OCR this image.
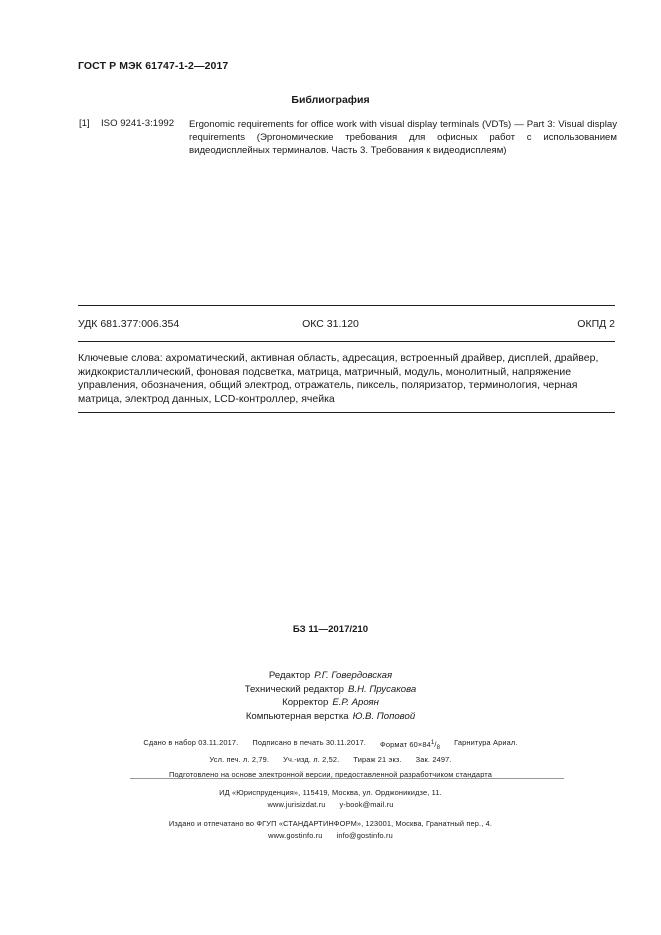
ГОСТ Р МЭК 61747-1-2—2017
Библиография
[1] ISO 9241-3:1992 Ergonomic requirements for office work with visual display terminals (VDTs) — Part 3: Visual display requirements (Эргономические требования для офисных работ с использованием видеодисплейных терминалов. Часть 3. Требования к видеодисплеям)
УДК 681.377:006.354	ОКС 31.120	ОКПД 2
Ключевые слова: ахроматический, активная область, адресация, встроенный драйвер, дисплей, драйвер, жидкокристаллический, фоновая подсветка, матрица, матричный, модуль, монолитный, напряжение управления, обозначения, общий электрод, отражатель, пиксель, поляризатор, терминология, черная матрица, электрод данных, LCD-контроллер, ячейка
БЗ 11—2017/210
Редактор Р.Г. Говердовская
Технический редактор В.Н. Прусакова
Корректор Е.Р. Ароян
Компьютерная верстка Ю.В. Поповой
Сдано в набор 03.11.2017. Подписано в печать 30.11.2017. Формат $60\times 84^1/_8$
Гарнитура Ариал.
Усл. печ. л. 2,79. Уч.-изд. л. 2,52. Тираж 21 экз. Зак. 2497.
Подготовлено на основе электронной версии, предоставленной разработчиком стандарта
ИД «Юриспруденция», 115419, Москва, ул. Орджоникидзе, 11.
www.jurisizdat.ru y-book@mail.ru
Издано и отпечатано во ФГУП «СТАНДАРТИНФОРМ», 123001, Москва, Гранатный пер., 4.
www.gostinfo.ru info@gostinfo.ru
